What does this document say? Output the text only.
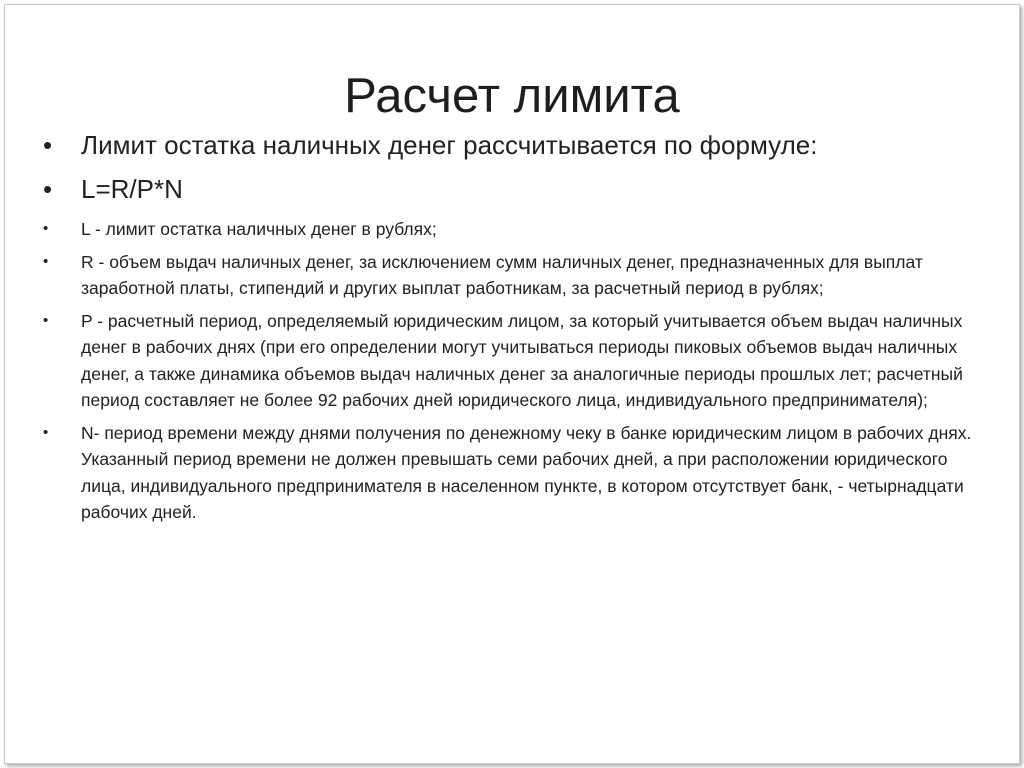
Расчет лимита
• Лимит остатка наличных денег рассчитывается по формуле:
• L=R/P*N
• L - лимит остатка наличных денег в рублях;
• R - объем выдач наличных денег, за исключением сумм наличных денег, предназначенных для выплат заработной платы, стипендий и других выплат работникам, за расчетный период в рублях;
• P - расчетный период, определяемый юридическим лицом, за который учитывается объем выдач наличных денег в рабочих днях (при его определении могут учитываться периоды пиковых объемов выдач наличных денег, а также динамика объемов выдач наличных денег за аналогичные периоды прошлых лет; расчетный период составляет не более 92 рабочих дней юридического лица, индивидуального предпринимателя);
• N- период времени между днями получения по денежному чеку в банке юридическим лицом в рабочих днях. Указанный период времени не должен превышать семи рабочих дней, а при расположении юридического лица, индивидуального предпринимателя в населенном пункте, в котором отсутствует банк, - четырнадцати рабочих дней.
